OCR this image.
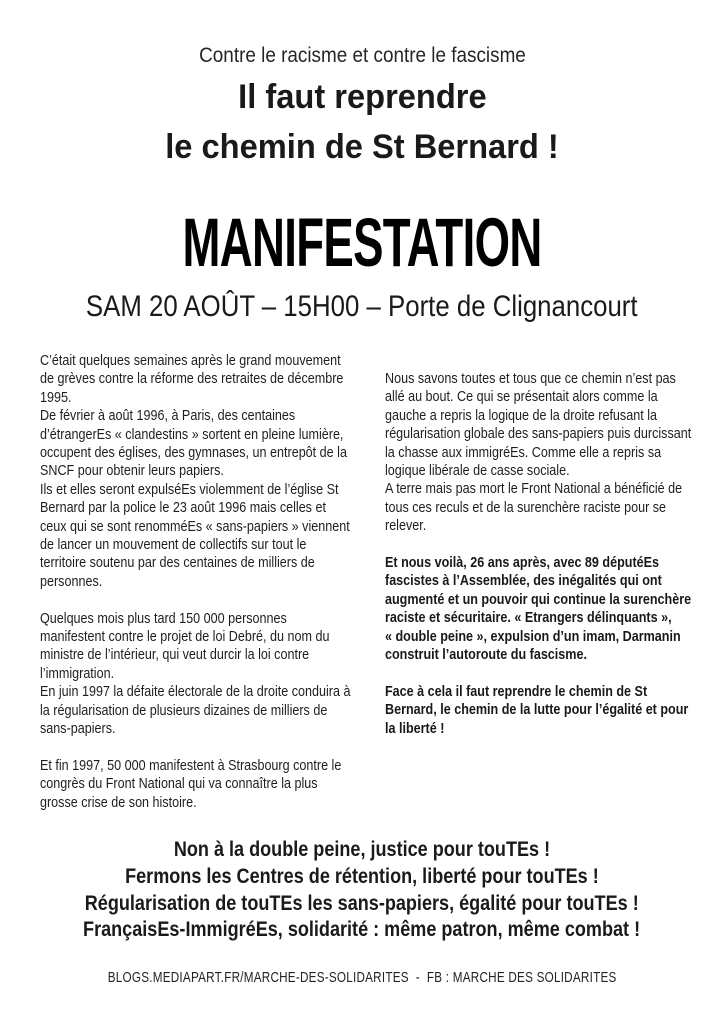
Contre le racisme et contre le fascisme
Il faut reprendre
le chemin de St Bernard !
MANIFESTATION
SAM 20 AOÛT – 15H00 – Porte de Clignancourt

C’était quelques semaines après le grand mouvement de grèves contre la réforme des retraites de décembre 1995.

De février à août 1996, à Paris, des centaines d’étrangerEs « clandestins » sortent en pleine lumière, occupent des églises, des gymnases, un entrepôt de la SNCF pour obtenir leurs papiers.

Ils et elles seront expulséEs violemment de l’église St Bernard par la police le 23 août 1996 mais celles et ceux qui se sont renomméEs « sans-papiers » viennent de lancer un mouvement de collectifs sur tout le territoire soutenu par des centaines de milliers de personnes.

Quelques mois plus tard 150 000 personnes manifestent contre le projet de loi Debré, du nom du ministre de l’intérieur, qui veut durcir la loi contre l’immigration.

En juin 1997 la défaite électorale de la droite conduira à la régularisation de plusieurs dizaines de milliers de sans-papiers.

Et fin 1997, 50 000 manifestent à Strasbourg contre le congrès du Front National qui va connaître la plus grosse crise de son histoire.

Nous savons toutes et tous que ce chemin n’est pas allé au bout. Ce qui se présentait alors comme la gauche a repris la logique de la droite refusant la régularisation globale des sans-papiers puis durcissant la chasse aux immigréEs. Comme elle a repris sa logique libérale de casse sociale.

A terre mais pas mort le Front National a bénéficié de tous ces reculs et de la surenchère raciste pour se relever.

Et nous voilà, 26 ans après, avec 89 députéEs fascistes à l’Assemblée, des inégalités qui ont augmenté et un pouvoir qui continue la surenchère raciste et sécuritaire. « Etrangers délinquants », « double peine », expulsion d’un imam, Darmanin construit l’autoroute du fascisme.

Face à cela il faut reprendre le chemin de St Bernard, le chemin de la lutte pour l’égalité et pour la liberté !

Non à la double peine, justice pour touTEs !
Fermons les Centres de rétention, liberté pour touTEs !
Régularisation de touTEs les sans-papiers, égalité pour touTEs !
FrançaisEs-ImmigréEs, solidarité : même patron, même combat !
BLOGS.MEDIAPART.FR/MARCHE-DES-SOLIDARITES  -  FB : MARCHE DES SOLIDARITES
